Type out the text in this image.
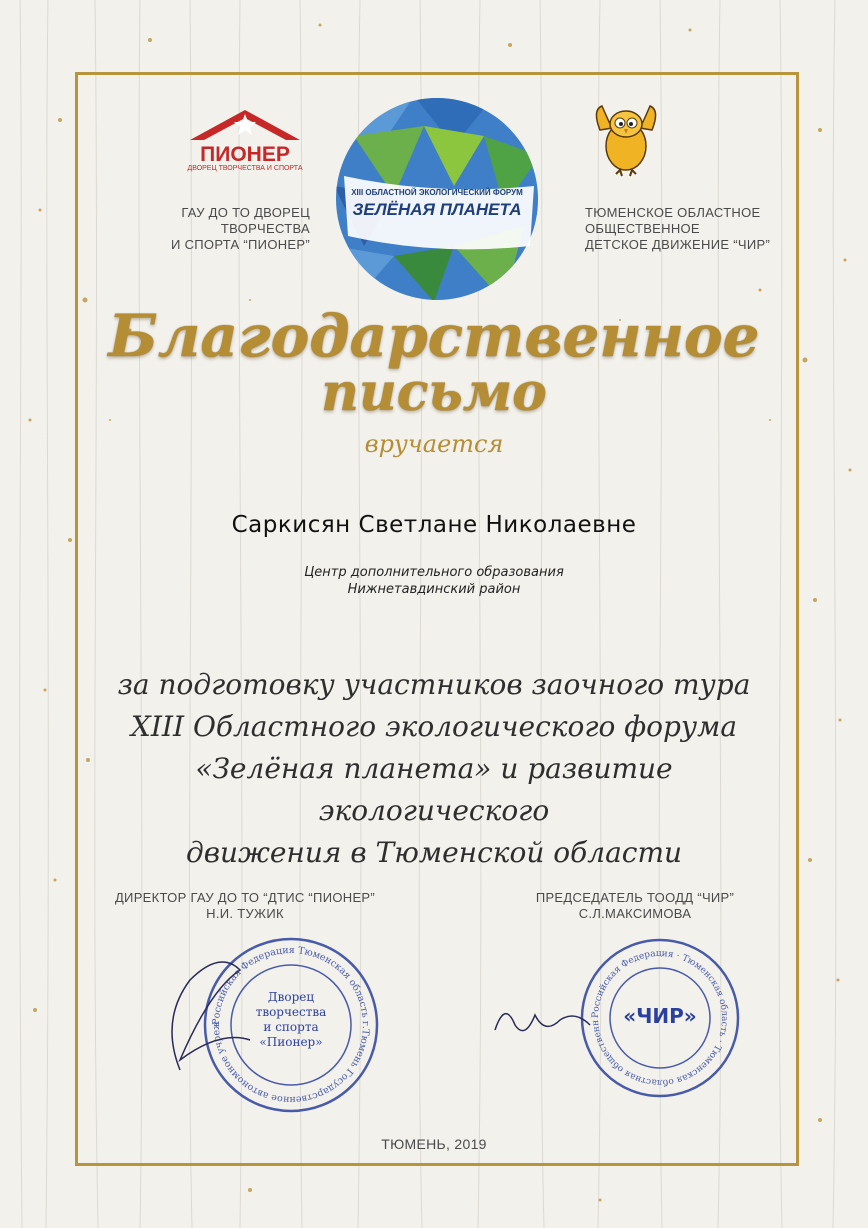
ПИОНЕР
ДВОРЕЦ ТВОРЧЕСТВА И СПОРТА
ГАУ ДО ТО ДВОРЕЦ ТВОРЧЕСТВА
И СПОРТА “ПИОНЕР”
XIII ОБЛАСТНОЙ ЭКОЛОГИЧЕСКИЙ ФОРУМ
ЗЕЛЁНАЯ ПЛАНЕТА	ТЮМЕНСКОЕ ОБЛАСТНОЕ
ОБЩЕСТВЕННОЕ
ДЕТСКОЕ ДВИЖЕНИЕ “ЧИР”
Благодарственное
письмо
вручается
Саркисян Светлане Николаевне
Центр дополнительного образования
Нижнетавдинский район
за подготовку участников заочного тура
XIII Областного экологического форума
«Зелёная планета» и развитие экологического
движения в Тюменской области
ДИРЕКТОР ГАУ ДО ТО “ДТИС “ПИОНЕР”
Н.И. ТУЖИК
ПРЕДСЕДАТЕЛЬ ТООДД “ЧИР”
С.Л.МАКСИМОВА
Российская Федерация Тюменская область г.Тюмень Государственное автономное учреж
Дворец
творчества
и спорта
«Пионер»
Российская Федерация · Тюменская область · Тюменская областная общественн	«ЧИР»
ТЮМЕНЬ, 2019
